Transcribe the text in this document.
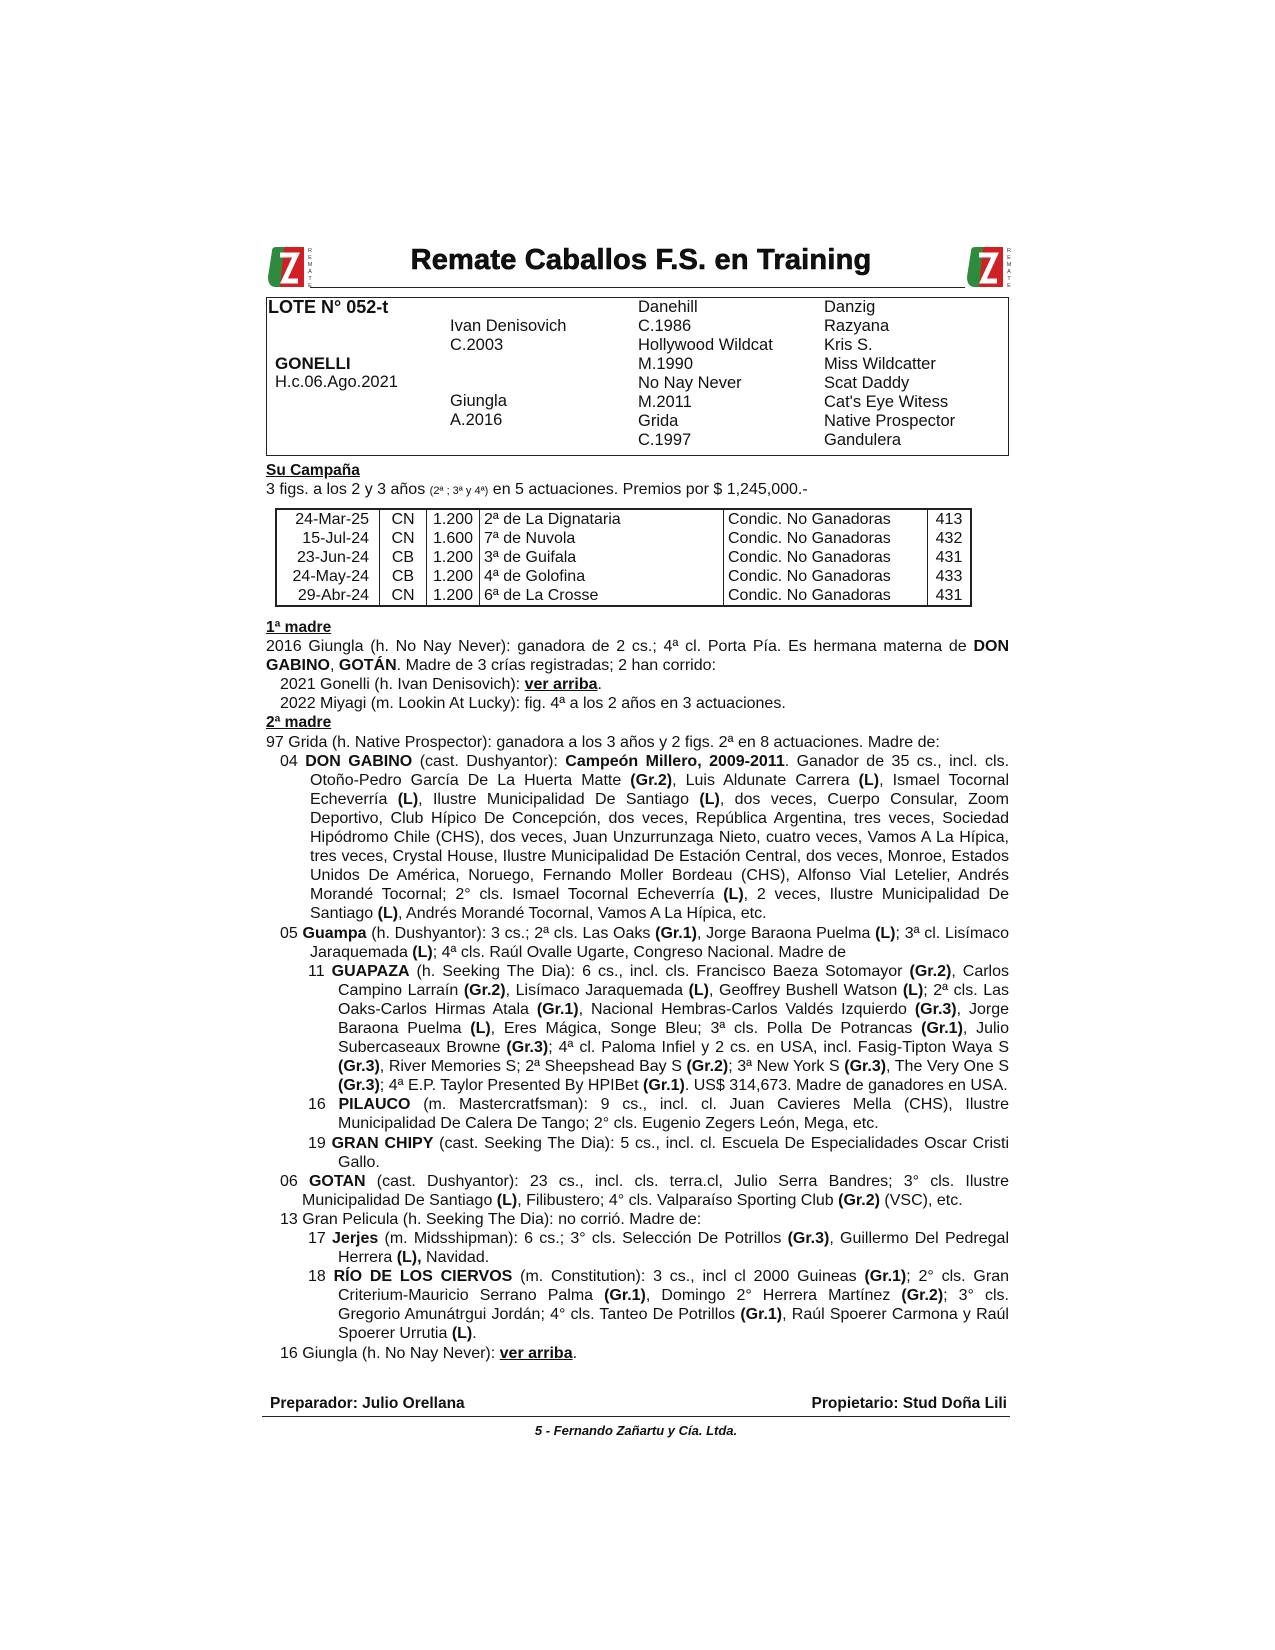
R
E
M
A
T
E
Remate Caballos F.S. en Training	R
E
M
A
T
E
LOTE N° 052-t
GONELLI
H.c.06.Ago.2021
Ivan Denisovich
C.2003
Giungla
A.2016
Danehill
C.1986
Hollywood Wildcat
M.1990
No Nay Never
M.2011
Grida
C.1997
Danzig
Razyana
Kris S.
Miss Wildcatter
Scat Daddy
Cat's Eye Witess
Native Prospector
Gandulera
Su Campaña
3 figs. a los 2 y 3 años (2ª ; 3ª y 4ª) en 5 actuaciones. Premios por $ 1,245,000.-
24-Mar-25	CN	1.200	2ª de La Dignataria	Condic. No Ganadoras	413
15-Jul-24	CN	1.600	7ª de Nuvola	Condic. No Ganadoras	432
23-Jun-24	CB	1.200	3ª de Guifala	Condic. No Ganadoras	431
24-May-24	CB	1.200	4ª de Golofina	Condic. No Ganadoras	433
29-Abr-24	CN	1.200	6ª de La Crosse	Condic. No Ganadoras	431

1ª madre

2016 Giungla (h. No Nay Never): ganadora de 2 cs.; 4ª cl. Porta Pía. Es hermana materna de DON GABINO, GOTÁN. Madre de 3 crías registradas; 2 han corrido:

2021 Gonelli (h. Ivan Denisovich): ver arriba.

2022 Miyagi (m. Lookin At Lucky): fig. 4ª a los 2 años en 3 actuaciones.

2ª madre

97 Grida (h. Native Prospector): ganadora a los 3 años y 2 figs. 2ª en 8 actuaciones. Madre de:

04 DON GABINO (cast. Dushyantor): Campeón Millero, 2009-2011. Ganador de 35 cs., incl. cls. Otoño-Pedro García De La Huerta Matte (Gr.2), Luis Aldunate Carrera (L), Ismael Tocornal Echeverría (L), Ilustre Municipalidad De Santiago (L), dos veces, Cuerpo Consular, Zoom Deportivo, Club Hípico De Concepción, dos veces, República Argentina, tres veces, Sociedad Hipódromo Chile (CHS), dos veces, Juan Unzurrunzaga Nieto, cuatro veces, Vamos A La Hípica, tres veces, Crystal House, Ilustre Municipalidad De Estación Central, dos veces, Monroe, Estados Unidos De América, Noruego, Fernando Moller Bordeau (CHS), Alfonso Vial Letelier, Andrés Morandé Tocornal; 2° cls. Ismael Tocornal Echeverría (L), 2 veces, Ilustre Municipalidad De Santiago (L), Andrés Morandé Tocornal, Vamos A La Hípica, etc.

05 Guampa (h. Dushyantor): 3 cs.; 2ª cls. Las Oaks (Gr.1), Jorge Baraona Puelma (L); 3ª cl. Lisímaco Jaraquemada (L); 4ª cls. Raúl Ovalle Ugarte, Congreso Nacional. Madre de

11 GUAPAZA (h. Seeking The Dia): 6 cs., incl. cls. Francisco Baeza Sotomayor (Gr.2), Carlos Campino Larraín (Gr.2), Lisímaco Jaraquemada (L), Geoffrey Bushell Watson (L); 2ª cls. Las Oaks-Carlos Hirmas Atala (Gr.1), Nacional Hembras-Carlos Valdés Izquierdo (Gr.3), Jorge Baraona Puelma (L), Eres Mágica, Songe Bleu; 3ª cls. Polla De Potrancas (Gr.1), Julio Subercaseaux Browne (Gr.3); 4ª cl. Paloma Infiel y 2 cs. en USA, incl. Fasig-Tipton Waya S (Gr.3), River Memories S; 2ª Sheepshead Bay S (Gr.2); 3ª New York S (Gr.3), The Very One S (Gr.3); 4ª E.P. Taylor Presented By HPIBet (Gr.1). US$ 314,673. Madre de ganadores en USA.

16 PILAUCO (m. Mastercratfsman): 9 cs., incl. cl. Juan Cavieres Mella (CHS), Ilustre Municipalidad De Calera De Tango; 2° cls. Eugenio Zegers León, Mega, etc.

19 GRAN CHIPY (cast. Seeking The Dia): 5 cs., incl. cl. Escuela De Especialidades Oscar Cristi Gallo.

06 GOTAN (cast. Dushyantor): 23 cs., incl. cls. terra.cl, Julio Serra Bandres; 3° cls. Ilustre Municipalidad De Santiago (L), Filibustero; 4° cls. Valparaíso Sporting Club (Gr.2) (VSC), etc.

13 Gran Pelicula (h. Seeking The Dia): no corrió. Madre de:

17 Jerjes (m. Midsshipman): 6 cs.; 3° cls. Selección De Potrillos (Gr.3), Guillermo Del Pedregal Herrera (L), Navidad.

18 RÍO DE LOS CIERVOS (m. Constitution): 3 cs., incl cl 2000 Guineas (Gr.1); 2° cls. Gran Criterium-Mauricio Serrano Palma (Gr.1), Domingo 2° Herrera Martínez (Gr.2); 3° cls. Gregorio Amunátrgui Jordán; 4° cls. Tanteo De Potrillos (Gr.1), Raúl Spoerer Carmona y Raúl Spoerer Urrutia (L).

16 Giungla (h. No Nay Never): ver arriba.

Preparador: Julio Orellana	Propietario: Stud Doña Lili
5 - Fernando Zañartu y Cía. Ltda.
